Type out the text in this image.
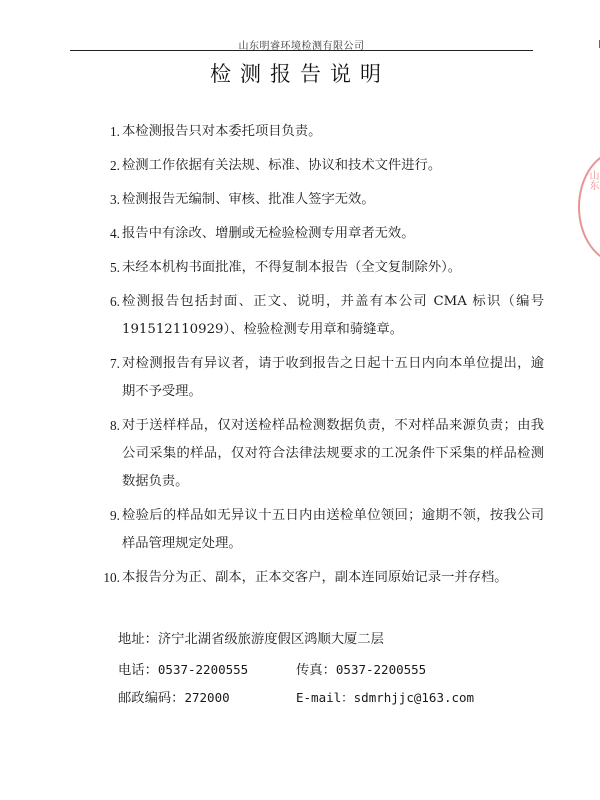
山东明睿环境检测有限公司
检测报告说明
1. 本检测报告只对本委托项目负责。
2. 检测工作依据有关法规、标准、协议和技术文件进行。
3. 检测报告无编制、审核、批准人签字无效。
4. 报告中有涂改、增删或无检验检测专用章者无效。
5. 未经本机构书面批准，不得复制本报告（全文复制除外）。
6. 检测报告包括封面、正文、说明，并盖有本公司 CMA 标识（编号 191512110929）、检验检测专用章和骑缝章。
7. 对检测报告有异议者，请于收到报告之日起十五日内向本单位提出，逾期不予受理。
8. 对于送样样品，仅对送检样品检测数据负责，不对样品来源负责；由我公司采集的样品，仅对符合法律法规要求的工况条件下采集的样品检测数据负责。
9. 检验后的样品如无异议十五日内由送检单位领回；逾期不领，按我公司样品管理规定处理。
10. 本报告分为正、副本，正本交客户，副本连同原始记录一并存档。
地址：济宁北湖省级旅游度假区鸿顺大厦二层
电话：0537-2200555	传真：0537-2200555
邮政编码：272000	E-mail：sdmrhjjc@163.com
山东
